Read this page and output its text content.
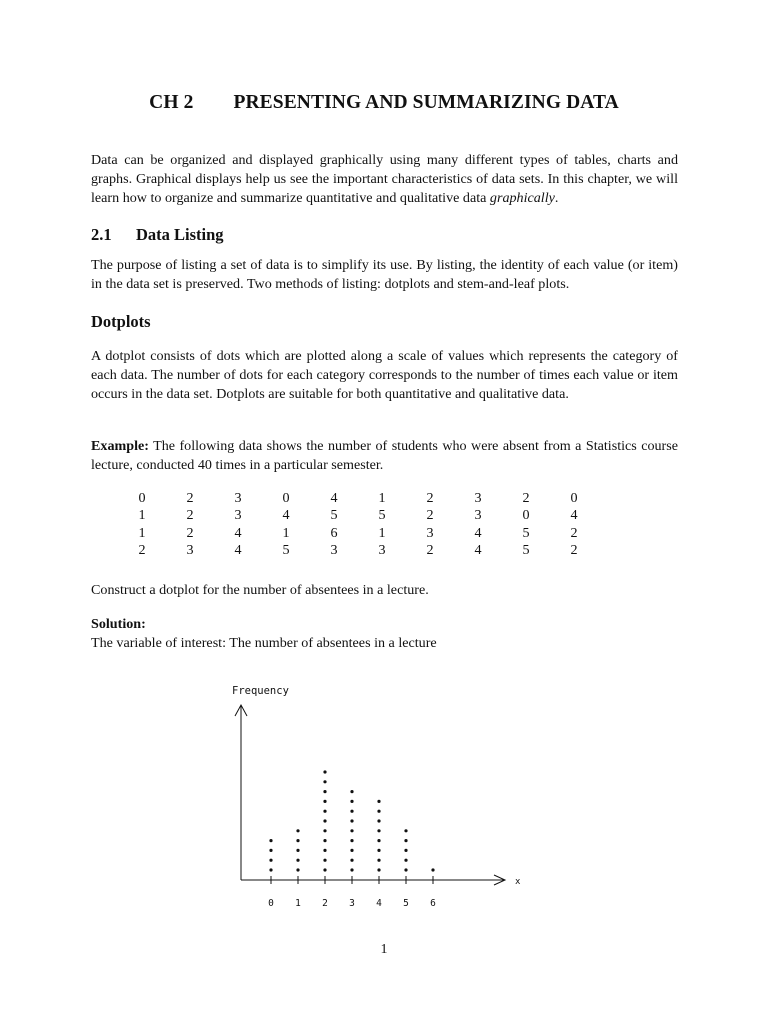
CH 2 PRESENTING AND SUMMARIZING DATA
Data can be organized and displayed graphically using many different types of tables, charts and graphs. Graphical displays help us see the important characteristics of data sets. In this chapter, we will learn how to organize and summarize quantitative and qualitative data graphically.
2.1 Data Listing
The purpose of listing a set of data is to simplify its use. By listing, the identity of each value (or item) in the data set is preserved. Two methods of listing: dotplots and stem-and-leaf plots.
Dotplots
A dotplot consists of dots which are plotted along a scale of values which represents the category of each data. The number of dots for each category corresponds to the number of times each value or item occurs in the data set. Dotplots are suitable for both quantitative and qualitative data.
Example: The following data shows the number of students who were absent from a Statistics course lecture, conducted 40 times in a particular semester.
0	2	3	0	4	1	2	3	2	0
1	2	3	4	5	5	2	3	0	4
1	2	4	1	6	1	3	4	5	2
2	3	4	5	3	3	2	4	5	2
Construct a dotplot for the number of absentees in a lecture.
Solution:
The variable of interest: The number of absentees in a lecture
Frequency
x
0 1 2 3 4 5 6
1
